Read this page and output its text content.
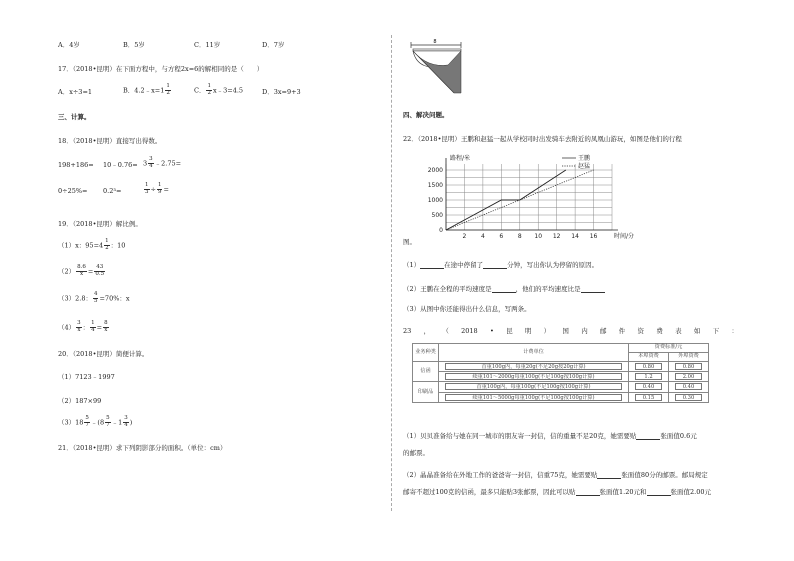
A．4岁	B．5岁	C．11岁	D．7岁
17．（2018•昆明）在下面方程中，与方程2x=6的解相同的是（　　）
A．x÷3=1	B．4.2﹣x=1 $\frac{1}{2}$	C． $\frac{1}{2}$ x﹣3=4.5	D．3x=9+3
三、计算。
18．（2018•昆明）直接写出得数。
198+186= 10﹣0.76= $3 \frac{3}{4}$ ﹣2.75=
0÷25%= 0.2³=	$\frac{1}{3} \div \frac{1}{9}$ =
19．（2018•昆明）解比例。
（1）x：$95=4 \frac{1}{2}$ ：10
$(2) \frac{8.6}{x} = \frac{43}{0.5}$
（3）2.8： $\frac{4}{5} =70\%$：x
$(4) \frac{3}{x}$ ： $\frac{1}{4} = \frac{8}{x}$
20．（2018•昆明）简便计算。
（1）7123﹣1997
（2）187×99
$(3)18 \frac{5}{7}$ ﹣(8 $\frac{5}{7}$ ﹣1 $\frac{3}{4}$ )
21．（2018•昆明）求下列阴影部分的面积。（单位：cm）
8
四、解决问题。
22．（2018•昆明）王鹏和赵猛一起从学校同时出发骑车去附近的凤凰山游玩，如图是他们的行程
2 4 6 8 10 12 14 16
0
500
1000
1500
2000
路程/米
时间/分
王鹏
赵猛
图。
（1）	在途中停留了	分钟，写出你认为停留的原因。
（2）王鹏在全程的平均速度是	，他们的平均速度比是
（3）从图中你还能得出什么信息，写两条。
23 ， （ 2018 • 昆 明 ） 国 内 邮 件 资 费 表 如 下 ：
业务种类	计费单位	资费标准/元	
		本埠资费	外埠资费
信函	首重100g内，每重20g(不足20g按20g计算)	0.80	0.80
	续重101～2000g每重100g(不足100g按100g计算)	1.2	2.00
印刷品	首重100g内，每重100g(不足100g按100g计算)	0.40	0.40
	续重101～5000g每重100g(不足100g按100g计算)	0.15	0.30
（1）贝贝准备给与她在同一城市的朋友寄一封信，信的重量不足20克，她需要贴	张面值0.6元
的邮票。
（2）晶晶准备给在外地工作的爸爸寄一封信，信重75克，她需要贴	张面值80分的邮票。邮局规定
邮寄不超过100克的信函，最多只能贴3张邮票，因此可以贴	张面值1.20元和	张面值2.00元
